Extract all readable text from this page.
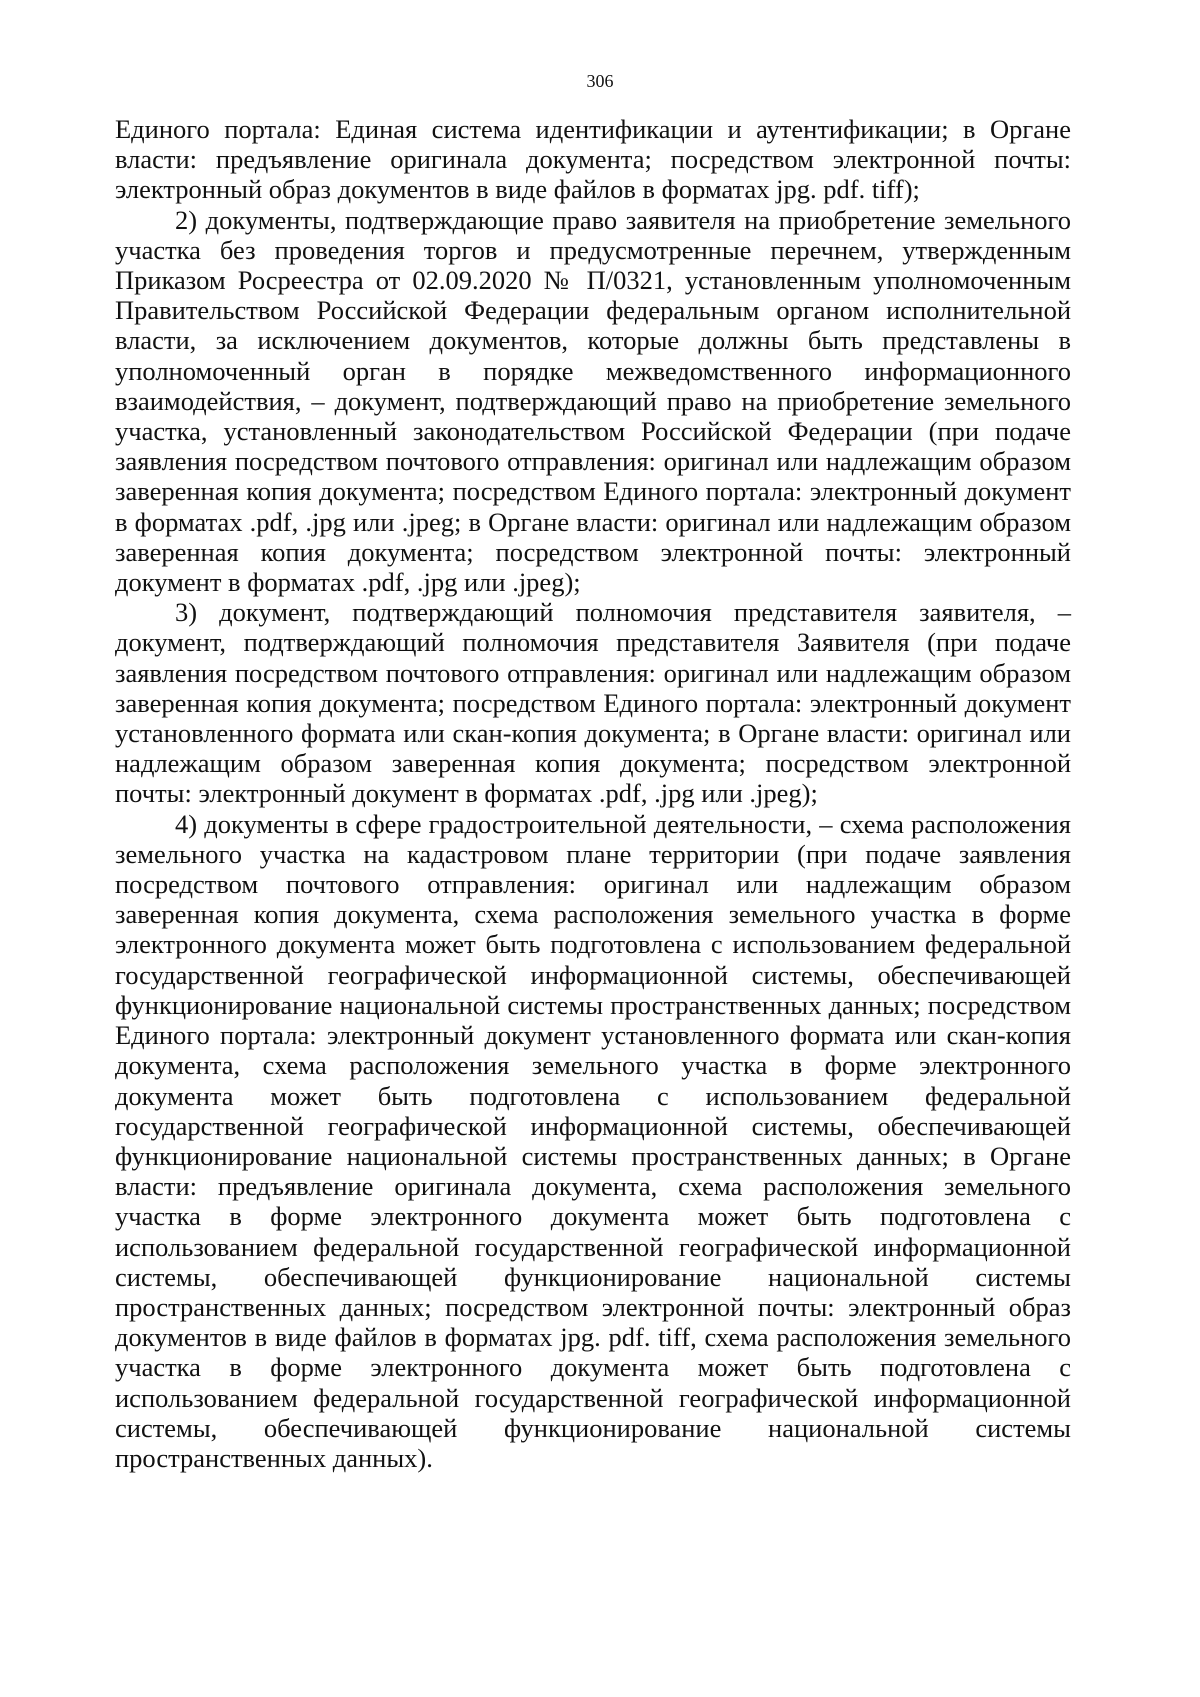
306

Единого портала: Единая система идентификации и аутентификации; в Органе власти: предъявление оригинала документа; посредством электронной почты: электронный образ документов в виде файлов в форматах jpg. pdf. tiff);

2) документы, подтверждающие право заявителя на приобретение земельного участка без проведения торгов и предусмотренные перечнем, утвержденным Приказом Росреестра от 02.09.2020 № П/0321, установленным уполномоченным Правительством Российской Федерации федеральным органом исполнительной власти, за исключением документов, которые должны быть представлены в уполномоченный орган в порядке межведомственного информационного взаимодействия, – документ, подтверждающий право на приобретение земельного участка, установленный законодательством Российской Федерации (при подаче заявления посредством почтового отправления: оригинал или надлежащим образом заверенная копия документа; посредством Единого портала: электронный документ в форматах .pdf, .jpg или .jpeg; в Органе власти: оригинал или надлежащим образом заверенная копия документа; посредством электронной почты: электронный документ в форматах .pdf, .jpg или .jpeg);

3) документ, подтверждающий полномочия представителя заявителя, – документ, подтверждающий полномочия представителя Заявителя (при подаче заявления посредством почтового отправления: оригинал или надлежащим образом заверенная копия документа; посредством Единого портала: электронный документ установленного формата или скан-копия документа; в Органе власти: оригинал или надлежащим образом заверенная копия документа; посредством электронной почты: электронный документ в форматах .pdf, .jpg или .jpeg);

4) документы в сфере градостроительной деятельности, – схема расположения земельного участка на кадастровом плане территории (при подаче заявления посредством почтового отправления: оригинал или надлежащим образом заверенная копия документа, схема расположения земельного участка в форме электронного документа может быть подготовлена с использованием федеральной государственной географической информационной системы, обеспечивающей функционирование национальной системы пространственных данных; посредством Единого портала: электронный документ установленного формата или скан-копия документа, схема расположения земельного участка в форме электронного документа может быть подготовлена с использованием федеральной государственной географической информационной системы, обеспечивающей функционирование национальной системы пространственных данных; в Органе власти: предъявление оригинала документа, схема расположения земельного участка в форме электронного документа может быть подготовлена с использованием федеральной государственной географической информационной системы, обеспечивающей функционирование национальной системы пространственных данных; посредством электронной почты: электронный образ документов в виде файлов в форматах jpg. pdf. tiff, схема расположения земельного участка в форме электронного документа может быть подготовлена с использованием федеральной государственной географической информационной системы, обеспечивающей функционирование национальной системы пространственных данных).
